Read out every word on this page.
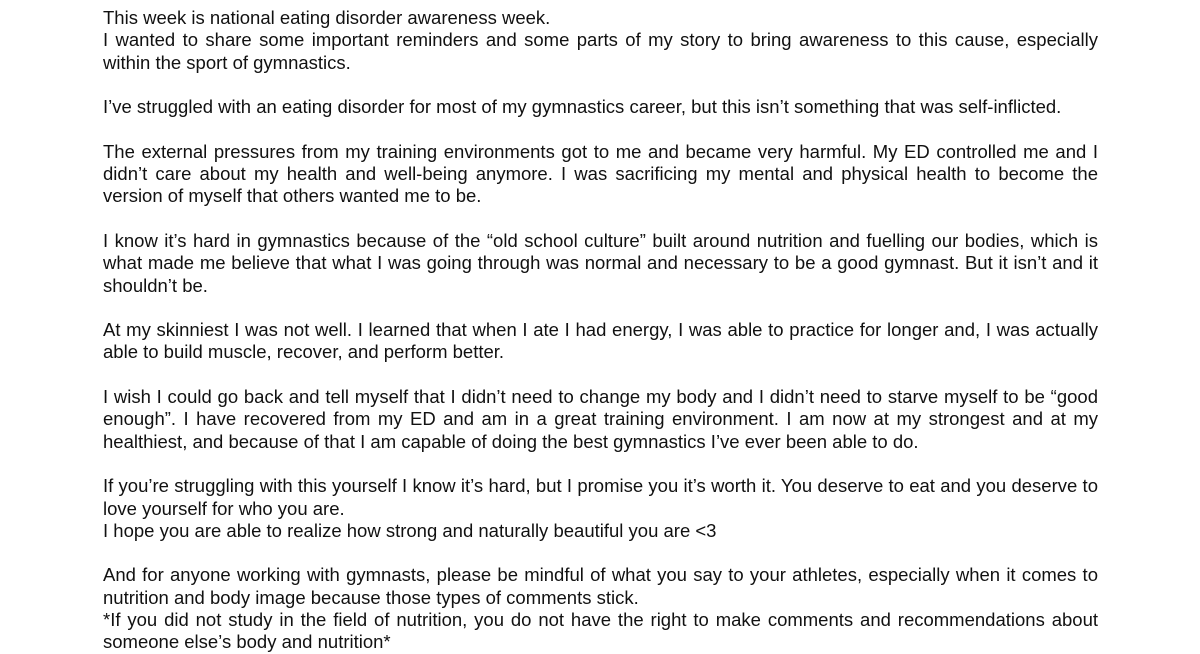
This week is national eating disorder awareness week.
I wanted to share some important reminders and some parts of my story to bring awareness to this cause, especially within the sport of gymnastics.

I’ve struggled with an eating disorder for most of my gymnastics career, but this isn’t something that was self-inflicted.

The external pressures from my training environments got to me and became very harmful. My ED controlled me and I didn’t care about my health and well-being anymore. I was sacrificing my mental and physical health to become the version of myself that others wanted me to be.

I know it’s hard in gymnastics because of the “old school culture” built around nutrition and fuelling our bodies, which is what made me believe that what I was going through was normal and necessary to be a good gymnast. But it isn’t and it shouldn’t be.

At my skinniest I was not well. I learned that when I ate I had energy, I was able to practice for longer and, I was actually able to build muscle, recover, and perform better.

I wish I could go back and tell myself that I didn’t need to change my body and I didn’t need to starve myself to be “good enough”. I have recovered from my ED and am in a great training environment. I am now at my strongest and at my healthiest, and because of that I am capable of doing the best gymnastics I’ve ever been able to do.

If you’re struggling with this yourself I know it’s hard, but I promise you it’s worth it. You deserve to eat and you deserve to love yourself for who you are.
I hope you are able to realize how strong and naturally beautiful you are <3

And for anyone working with gymnasts, please be mindful of what you say to your athletes, especially when it comes to nutrition and body image because those types of comments stick.
*If you did not study in the field of nutrition, you do not have the right to make comments and recommendations about someone else’s body and nutrition*
